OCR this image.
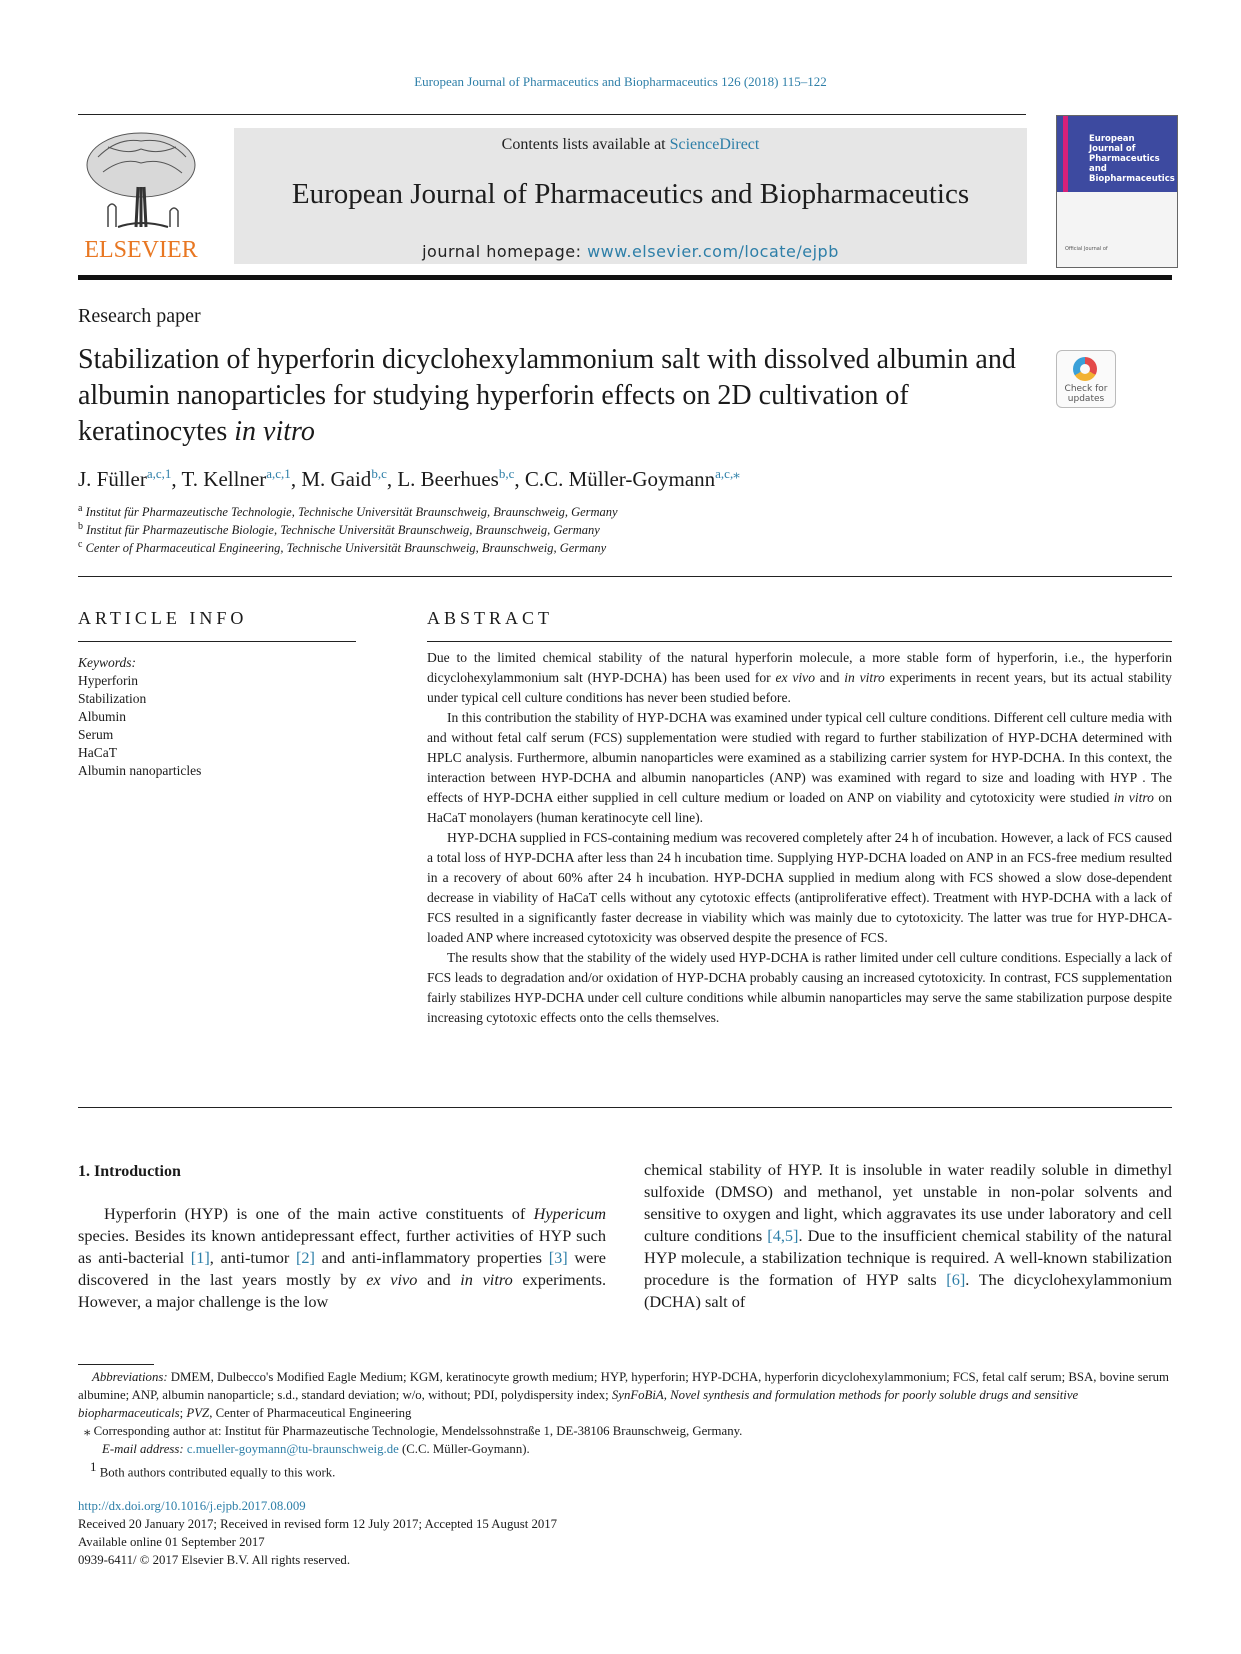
European Journal of Pharmaceutics and Biopharmaceutics 126 (2018) 115–122
ELSEVIER
Contents lists available at ScienceDirect
European Journal of Pharmaceutics and Biopharmaceutics
journal homepage: www.elsevier.com/locate/ejpb
European
Journal of
Pharmaceutics and
Biopharmaceutics
Official Journal of
Research paper
Stabilization of hyperforin dicyclohexylammonium salt with dissolved albumin and albumin nanoparticles for studying hyperforin effects on 2D cultivation of keratinocytes in vitro
Check for
updates
J. Füller$^{a,c,1}$, T. Kellner$^{a,c,1}$, M. Gaid$^{b,c}$, L. Beerhues$^{b,c}$, C.C. Müller-Goymann$^{a,c,⁎}$
$^a$ Institut für Pharmazeutische Technologie, Technische Universität Braunschweig, Braunschweig, Germany
$^b$ Institut für Pharmazeutische Biologie, Technische Universität Braunschweig, Braunschweig, Germany
$^c$ Center of Pharmaceutical Engineering, Technische Universität Braunschweig, Braunschweig, Germany
ARTICLE INFO
Keywords:
Hyperforin
Stabilization
Albumin
Serum
HaCaT
Albumin nanoparticles
ABSTRACT

Due to the limited chemical stability of the natural hyperforin molecule, a more stable form of hyperforin, i.e., the hyperforin dicyclohexylammonium salt (HYP-DCHA) has been used for ex vivo and in vitro experiments in recent years, but its actual stability under typical cell culture conditions has never been studied before.

In this contribution the stability of HYP-DCHA was examined under typical cell culture conditions. Different cell culture media with and without fetal calf serum (FCS) supplementation were studied with regard to further stabilization of HYP-DCHA determined with HPLC analysis. Furthermore, albumin nanoparticles were examined as a stabilizing carrier system for HYP-DCHA. In this context, the interaction between HYP-DCHA and albumin nanoparticles (ANP) was examined with regard to size and loading with HYP . The effects of HYP-DCHA either supplied in cell culture medium or loaded on ANP on viability and cytotoxicity were studied in vitro on HaCaT monolayers (human keratinocyte cell line).

HYP-DCHA supplied in FCS-containing medium was recovered completely after 24 h of incubation. However, a lack of FCS caused a total loss of HYP-DCHA after less than 24 h incubation time. Supplying HYP-DCHA loaded on ANP in an FCS-free medium resulted in a recovery of about 60% after 24 h incubation. HYP-DCHA supplied in medium along with FCS showed a slow dose-dependent decrease in viability of HaCaT cells without any cytotoxic effects (antiproliferative effect). Treatment with HYP-DCHA with a lack of FCS resulted in a significantly faster decrease in viability which was mainly due to cytotoxicity. The latter was true for HYP-DHCA-loaded ANP where increased cytotoxicity was observed despite the presence of FCS.

The results show that the stability of the widely used HYP-DCHA is rather limited under cell culture conditions. Especially a lack of FCS leads to degradation and/or oxidation of HYP-DCHA probably causing an increased cytotoxicity. In contrast, FCS supplementation fairly stabilizes HYP-DCHA under cell culture conditions while albumin nanoparticles may serve the same stabilization purpose despite increasing cytotoxic effects onto the cells themselves.

1. Introduction

Hyperforin (HYP) is one of the main active constituents of Hypericum species. Besides its known antidepressant effect, further activities of HYP such as anti-bacterial [1], anti-tumor [2] and anti-inflammatory properties [3] were discovered in the last years mostly by ex vivo and in vitro experiments. However, a major challenge is the low

chemical stability of HYP. It is insoluble in water readily soluble in dimethyl sulfoxide (DMSO) and methanol, yet unstable in non-polar solvents and sensitive to oxygen and light, which aggravates its use under laboratory and cell culture conditions [4,5]. Due to the insufficient chemical stability of the natural HYP molecule, a stabilization technique is required. A well-known stabilization procedure is the formation of HYP salts [6]. The dicyclohexylammonium (DCHA) salt of

Abbreviations: DMEM, Dulbecco's Modified Eagle Medium; KGM, keratinocyte growth medium; HYP, hyperforin; HYP-DCHA, hyperforin dicyclohexylammonium; FCS, fetal calf serum; BSA, bovine serum albumine; ANP, albumin nanoparticle; s.d., standard deviation; w/o, without; PDI, polydispersity index; SynFoBiA, Novel synthesis and formulation methods for poorly soluble drugs and sensitive biopharmaceuticals; PVZ, Center of Pharmaceutical Engineering

⁎ Corresponding author at: Institut für Pharmazeutische Technologie, Mendelssohnstraße 1, DE-38106 Braunschweig, Germany.

E-mail address: c.mueller-goymann@tu-braunschweig.de (C.C. Müller-Goymann).

$^1$ Both authors contributed equally to this work.

http://dx.doi.org/10.1016/j.ejpb.2017.08.009
Received 20 January 2017; Received in revised form 12 July 2017; Accepted 15 August 2017
Available online 01 September 2017
0939-6411/ © 2017 Elsevier B.V. All rights reserved.
